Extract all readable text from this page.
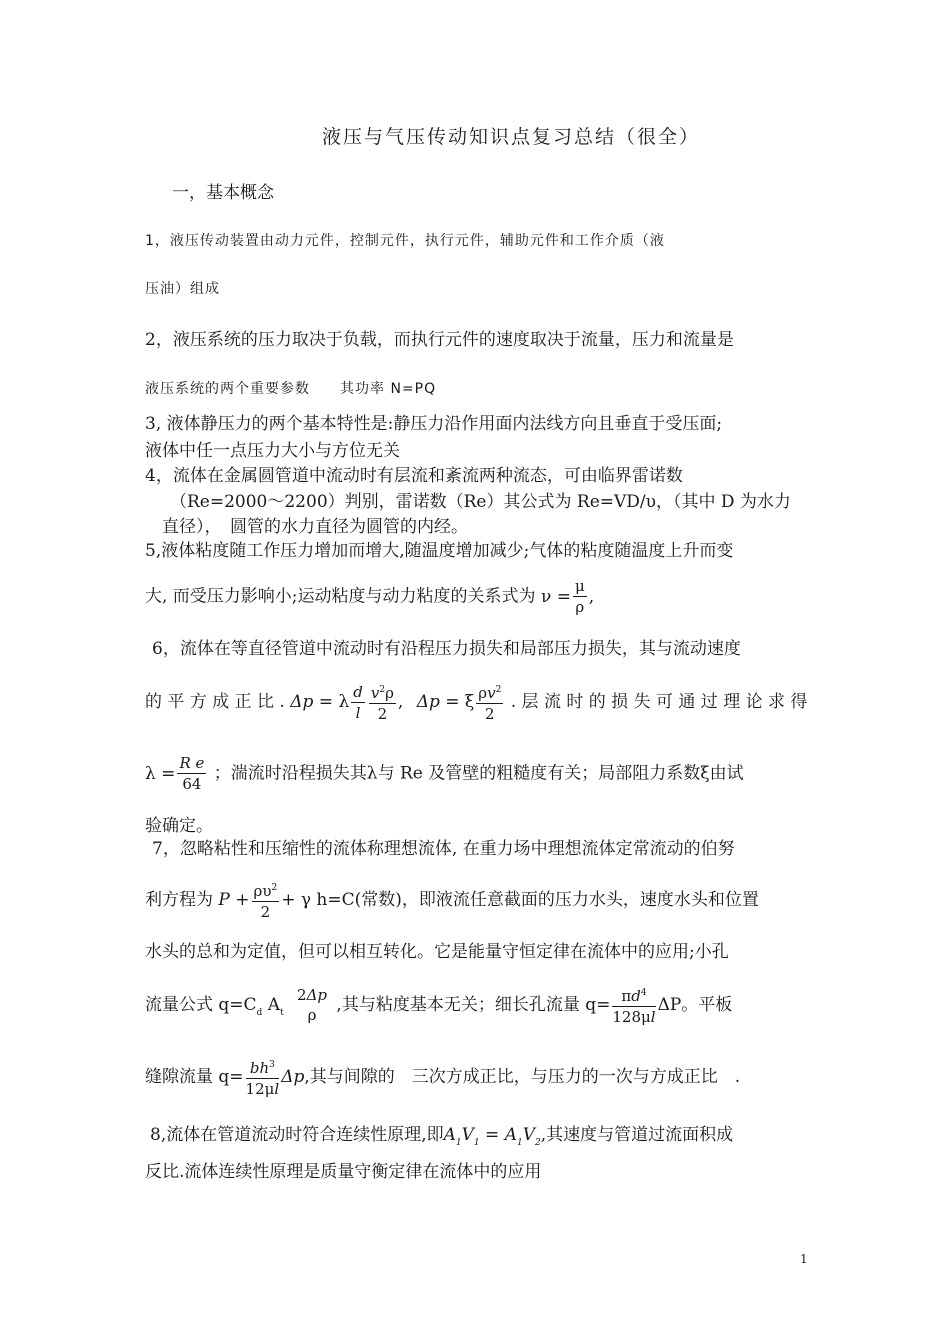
液压与气压传动知识点复习总结（很全）
一，基本概念
1，液压传动装置由动力元件，控制元件，执行元件，辅助元件和工作介质（液
压油）组成
2，液压系统的压力取决于负载，而执行元件的速度取决于流量，压力和流量是
液压系统的两个重要参数　　其功率 N=PQ
3, 液体静压力的两个基本特性是:静压力沿作用面内法线方向且垂直于受压面;
液体中任一点压力大小与方位无关
4，流体在金属圆管道中流动时有层流和紊流两种流态，可由临界雷诺数
（Re=2000～2200）判别，雷诺数（Re）其公式为 Re=VD/υ，（其中 D 为水力
直径），　圆管的水力直径为圆管的内经。
5,液体粘度随工作压力增加而增大,随温度增加减少;气体的粘度随温度上升而变
大, 而受压力影响小;运动粘度与动力粘度的关系式为 $\nu = \frac{\mu}{\rho}$ ,
6，流体在等直径管道中流动时有沿程压力损失和局部压力损失，其与流动速度
的 平 方 成 正 比 . Δp = λ $\frac{d}{l} \frac{v^2\rho}{2}$ , Δp = ξ $\frac{\rho v^2}{2}$ . 层 流 时 的 损 失 可 通 过 理 论 求 得
$\lambda = \frac{\text{R e}}{64}$ ；湍流时沿程损失其λ与 Re 及管壁的粗糙度有关；局部阻力系数ξ由试
验确定。
7，忽略粘性和压缩性的流体称理想流体, 在重力场中理想流体定常流动的伯努
利方程为 $P + \frac{\rho\upsilon^2}{2} + \gamma$ h=C(常数)，即液流任意截面的压力水头，速度水头和位置
水头的总和为定值，但可以相互转化。它是能量守恒定律在流体中的应用;小孔
流量公式 $q=C_d$ $A_t$
2Δp
ρ	,其与粘度基本无关；细长孔流量 $q= \frac{\pi d^4}{128\mu l}$ ΔP。平板
缝隙流量 $q= \frac{bh^3}{12\mu l} \Delta p$,其与间隙的　三次方成正比，与压力的一次与方成正比　.
8,流体在管道流动时符合连续性原理,即$A_1V_1 = A_1V_2$,其速度与管道过流面积成
反比.流体连续性原理是质量守衡定律在流体中的应用
1
